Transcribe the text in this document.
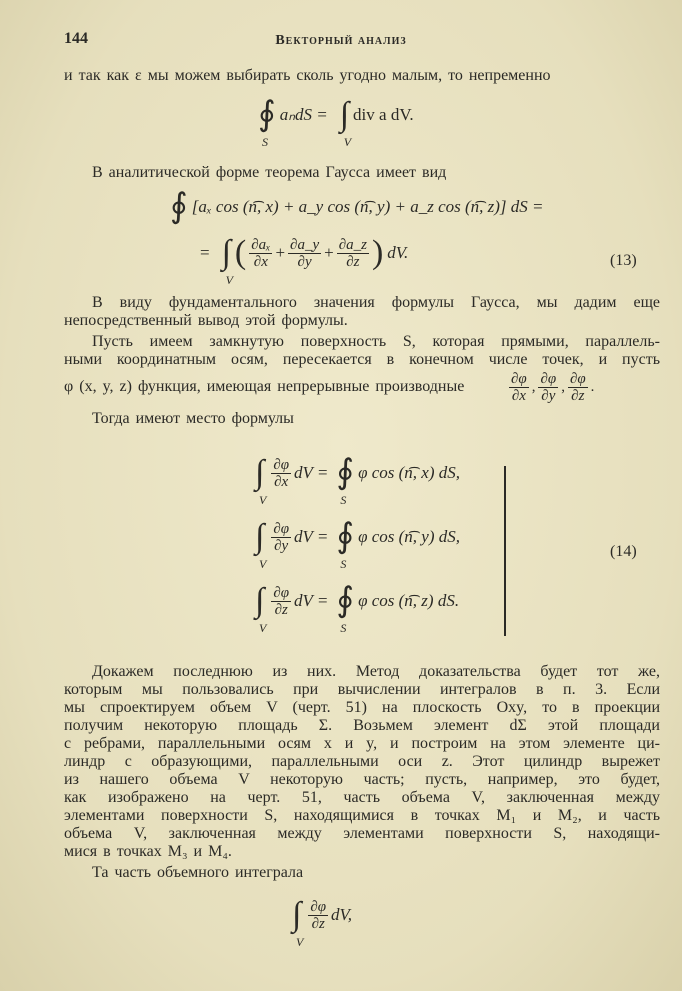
144	Векторный анализ
и так как ε мы можем выбирать сколь угодно малым, то непременно
∮
S
aₙdS = ∫
V
div a dV.
В аналитической форме теорема Гаусса имеет вид
∮ [aₓ cos (n͡, x) + a_y cos (n͡, y) + a_z cos (n͡, z)] dS =
= ∫
V
( $\frac{\text{∂aₓ}}{\partial x} + \frac{\partial a\_y}{\partial y} + \frac{\partial a\_z}{\partial z}$ ) dV.	(13)
В виду фундаментального значения формулы Гаусса, мы дадим еще
непосредственный вывод этой формулы.
Пусть имеем замкнутую поверхность S, которая прямыми, параллель-
ными координатным осям, пересекается в конечном числе точек, и пусть
φ (x, y, z) функция, имеющая непрерывные производные	$\frac{\partial\varphi}{\partial x}$ , $\frac{\partial\varphi}{\partial y}$ , $\frac{\partial\varphi}{\partial z}$ .
Тогда имеют место формулы
∫
V
$\frac{\partial\varphi}{\partial x}$ dV = ∮
S
φ cos (n͡, x) dS,
∫
V
$\frac{\partial\varphi}{\partial y}$ dV = ∮
S
φ cos (n͡, y) dS,
∫
V
$\frac{\partial\varphi}{\partial z}$ dV = ∮
S
φ cos (n͡, z) dS.
(14)
Докажем последнюю из них. Метод доказательства будет тот же,
которым мы пользовались при вычислении интегралов в п. 3. Если
мы спроектируем объем V (черт. 51) на плоскость Oxy, то в проекции
получим некоторую площадь Σ. Возьмем элемент dΣ этой площади
с ребрами, параллельными осям x и y, и построим на этом элементе ци-
линдр с образующими, параллельными оси z. Этот цилиндр вырежет
из нашего объема V некоторую часть; пусть, например, это будет,
как изображено на черт. 51, часть объема V, заключенная между
элементами поверхности S, находящимися в точках M₁ и M₂, и часть
объема V, заключенная между элементами поверхности S, находящи-
мися в точках M₃ и M₄.
Та часть объемного интеграла
∫
V
$\frac{\partial\varphi}{\partial z}$ dV,
